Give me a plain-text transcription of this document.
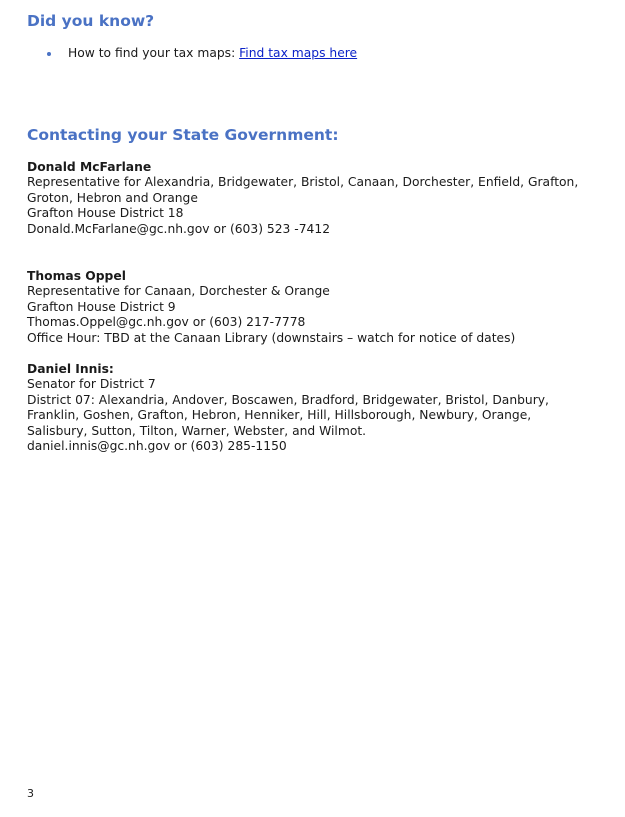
Did you know?
How to find your tax maps: Find tax maps here
Contacting your State Government:
Donald McFarlane
Representative for Alexandria, Bridgewater, Bristol, Canaan, Dorchester, Enfield, Grafton,
Groton, Hebron and Orange
Grafton House District 18
Donald.McFarlane@gc.nh.gov or (603) 523 -7412
Thomas Oppel
Representative for Canaan, Dorchester & Orange
Grafton House District 9
Thomas.Oppel@gc.nh.gov or (603) 217-7778
Office Hour: TBD at the Canaan Library (downstairs – watch for notice of dates)
Daniel Innis:
Senator for District 7
District 07: Alexandria, Andover, Boscawen, Bradford, Bridgewater, Bristol, Danbury,
Franklin, Goshen, Grafton, Hebron, Henniker, Hill, Hillsborough, Newbury, Orange,
Salisbury, Sutton, Tilton, Warner, Webster, and Wilmot.
daniel.innis@gc.nh.gov or (603) 285-1150
3
